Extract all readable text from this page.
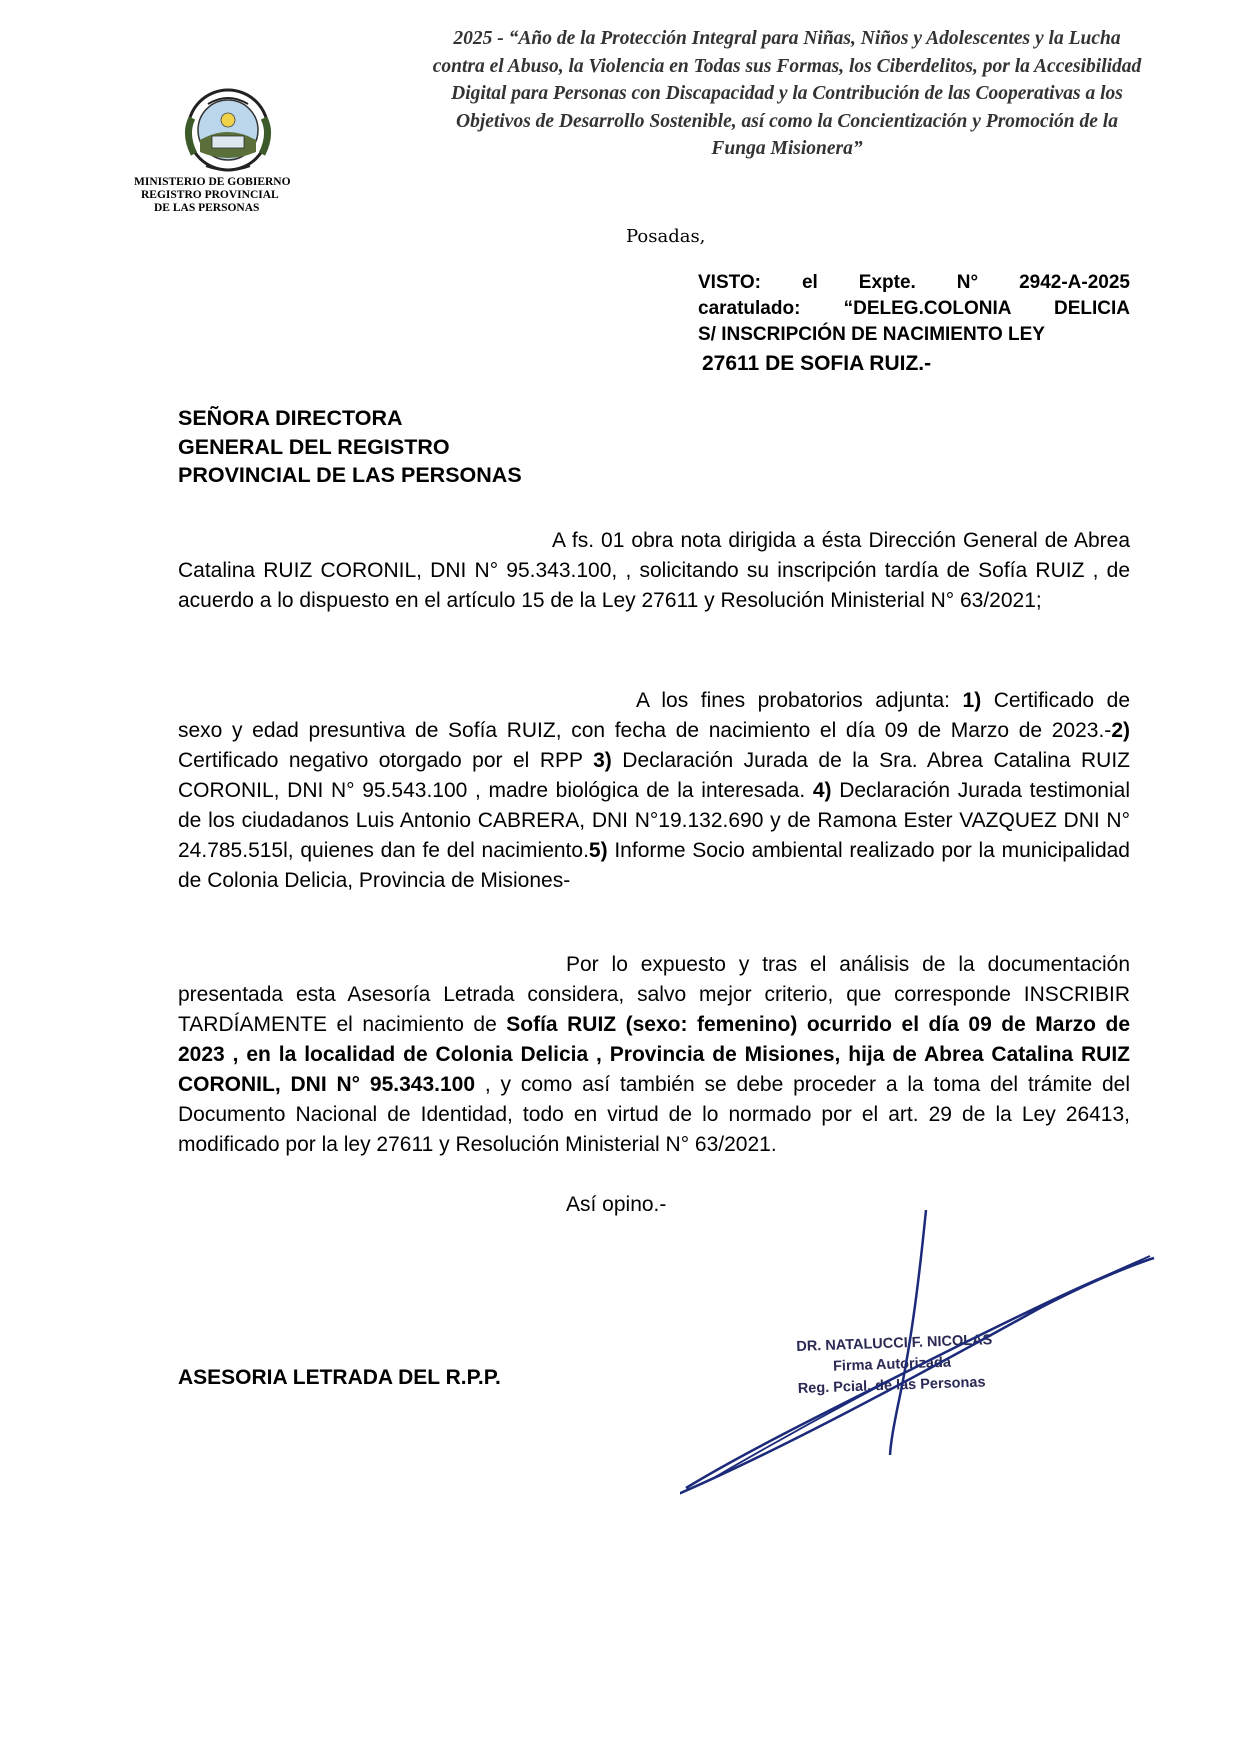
MINISTERIO DE GOBIERNO
REGISTRO PROVINCIAL
DE LAS PERSONAS
2025 - “Año de la Protección Integral para Niñas, Niños y Adolescentes y la Lucha contra el Abuso, la Violencia en Todas sus Formas, los Ciberdelitos, por la Accesibilidad Digital para Personas con Discapacidad y la Contribución de las Cooperativas a los Objetivos de Desarrollo Sostenible, así como la Concientización y Promoción de la Funga Misionera”
Posadas,
VISTO: el Expte. N° 2942-A-2025
caratulado: “DELEG.COLONIA DELICIA
S/ INSCRIPCIÓN DE NACIMIENTO LEY
27611 DE SOFIA RUIZ.-
SEÑORA DIRECTORA
GENERAL DEL REGISTRO
PROVINCIAL DE LAS PERSONAS
A fs. 01 obra nota dirigida a ésta Dirección General de Abrea Catalina RUIZ CORONIL, DNI N° 95.343.100, , solicitando su inscripción tardía de Sofía RUIZ , de acuerdo a lo dispuesto en el artículo 15 de la Ley 27611 y Resolución Ministerial N° 63/2021;
A los fines probatorios adjunta: 1) Certificado de sexo y edad presuntiva de Sofía RUIZ, con fecha de nacimiento el día 09 de Marzo de 2023.-2) Certificado negativo otorgado por el RPP 3) Declaración Jurada de la Sra. Abrea Catalina RUIZ CORONIL, DNI N° 95.543.100 , madre biológica de la interesada. 4) Declaración Jurada testimonial de los ciudadanos Luis Antonio CABRERA, DNI N°19.132.690 y de Ramona Ester VAZQUEZ DNI N° 24.785.515l, quienes dan fe del nacimiento.5) Informe Socio ambiental realizado por la municipalidad de Colonia Delicia, Provincia de Misiones-
Por lo expuesto y tras el análisis de la documentación presentada esta Asesoría Letrada considera, salvo mejor criterio, que corresponde INSCRIBIR TARDÍAMENTE el nacimiento de Sofía RUIZ (sexo: femenino) ocurrido el día 09 de Marzo de 2023 , en la localidad de Colonia Delicia , Provincia de Misiones, hija de Abrea Catalina RUIZ CORONIL, DNI N° 95.343.100 , y como así también se debe proceder a la toma del trámite del Documento Nacional de Identidad, todo en virtud de lo normado por el art. 29 de la Ley 26413, modificado por la ley 27611 y Resolución Ministerial N° 63/2021.
Así opino.-
ASESORIA LETRADA DEL R.P.P.
DR. NATALUCCI F. NICOLAS
Firma Autorizada
Reg. Pcial. de las Personas
